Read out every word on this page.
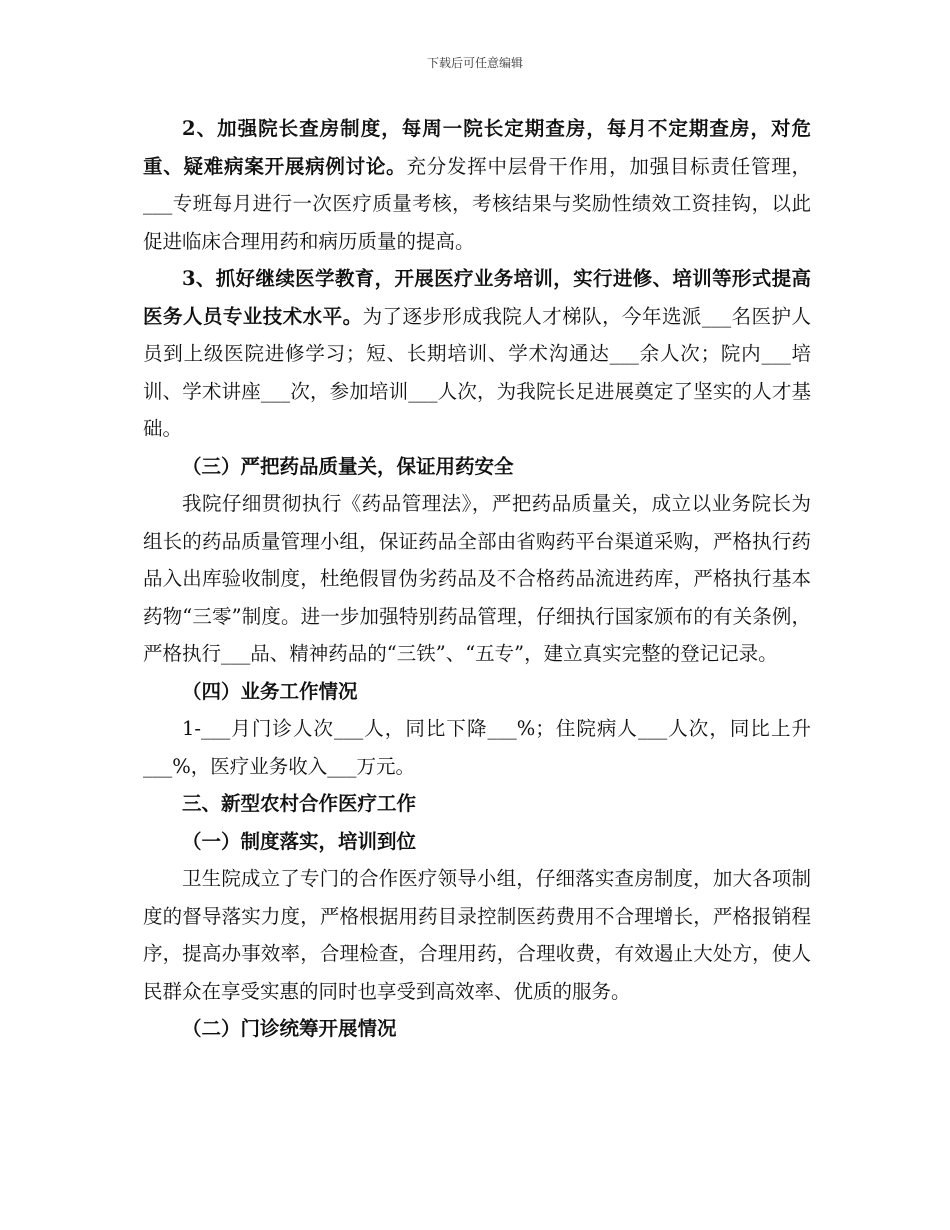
下载后可任意编辑

2、加强院长查房制度，每周一院长定期查房，每月不定期查房，对危重、疑难病案开展病例讨论。充分发挥中层骨干作用，加强目标责任管理，___专班每月进行一次医疗质量考核，考核结果与奖励性绩效工资挂钩，以此促进临床合理用药和病历质量的提高。

3、抓好继续医学教育，开展医疗业务培训，实行进修、培训等形式提高医务人员专业技术水平。为了逐步形成我院人才梯队，今年选派___名医护人员到上级医院进修学习；短、长期培训、学术沟通达___余人次；院内___培训、学术讲座___次，参加培训___人次，为我院长足进展奠定了坚实的人才基础。

（三）严把药品质量关，保证用药安全

我院仔细贯彻执行《药品管理法》，严把药品质量关，成立以业务院长为组长的药品质量管理小组，保证药品全部由省购药平台渠道采购，严格执行药品入出库验收制度，杜绝假冒伪劣药品及不合格药品流进药库，严格执行基本药物“三零”制度。进一步加强特别药品管理，仔细执行国家颁布的有关条例，严格执行___品、精神药品的“三铁”、“五专”，建立真实完整的登记记录。

（四）业务工作情况

1-___月门诊人次___人，同比下降___%；住院病人___人次，同比上升___%，医疗业务收入___万元。

三、新型农村合作医疗工作

（一）制度落实，培训到位

卫生院成立了专门的合作医疗领导小组，仔细落实查房制度，加大各项制度的督导落实力度，严格根据用药目录控制医药费用不合理增长，严格报销程序，提高办事效率，合理检查，合理用药，合理收费，有效遏止大处方，使人民群众在享受实惠的同时也享受到高效率、优质的服务。

（二）门诊统筹开展情况
